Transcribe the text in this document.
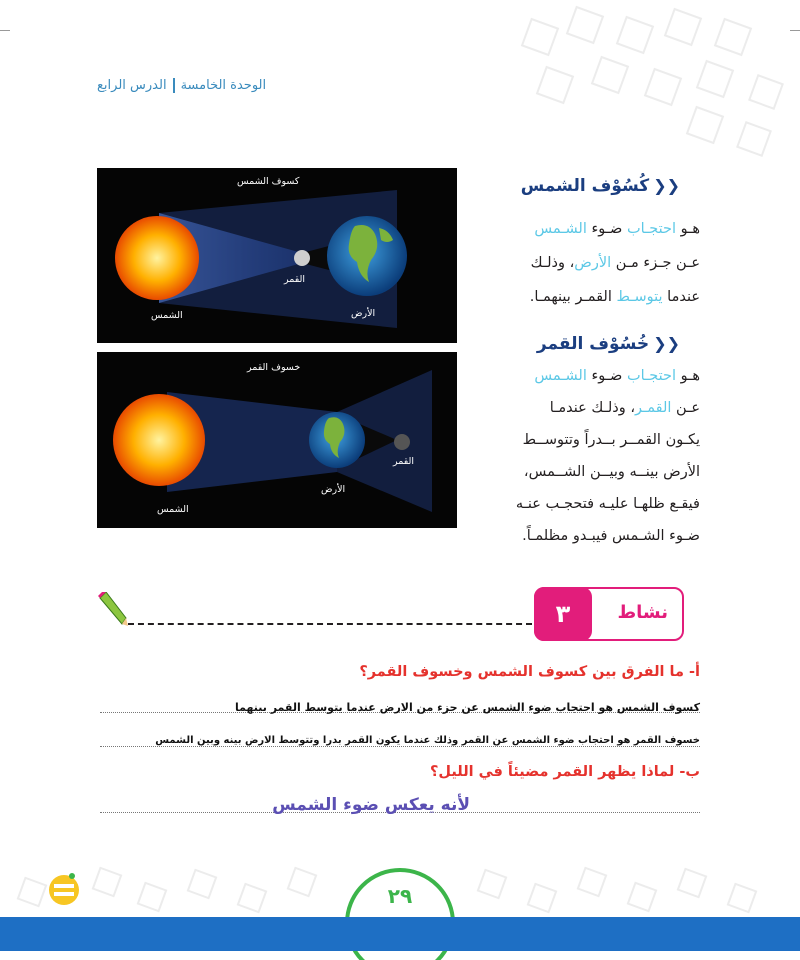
الوحدة الخامسةالدرس الرابع
كسوف الشمس
الشمس
القمر
الأرض
خسوف القمر
الشمس
القمر
الأرض
❮❮كُسُوْف الشمس
هـو احتجـاب ضـوء الشـمس
عـن جـزء مـن الأرض، وذلـك
عندما يتوسـط القمـر بينهمـا.
❮❮خُسُوْف القمر
هـو احتجـاب ضـوء الشـمس
عـن القمـر، وذلـك عندمـا
يكـون القمــر بــدراً وتتوســط
الأرض بينــه وبيــن الشــمس،
فيقـع ظلهـا عليـه فتحجـب عنـه
ضـوء الشـمس فيبـدو مظلمـاً.
٣	نشاط
أ- ما الفرق بين كسوف الشمس وخسوف القمر؟
كسوف الشمس هو احتجاب ضوء الشمس عن جزء من الارض عندما يتوسط القمر بينهما
خسوف القمر هو احتجاب ضوء الشمس عن القمر وذلك عندما يكون القمر بدرا وتتوسط الارض بينه وبين الشمس
ب- لماذا يظهر القمر مضيئاً في الليل؟
لأنه يعكس ضوء الشمس
٢٩
